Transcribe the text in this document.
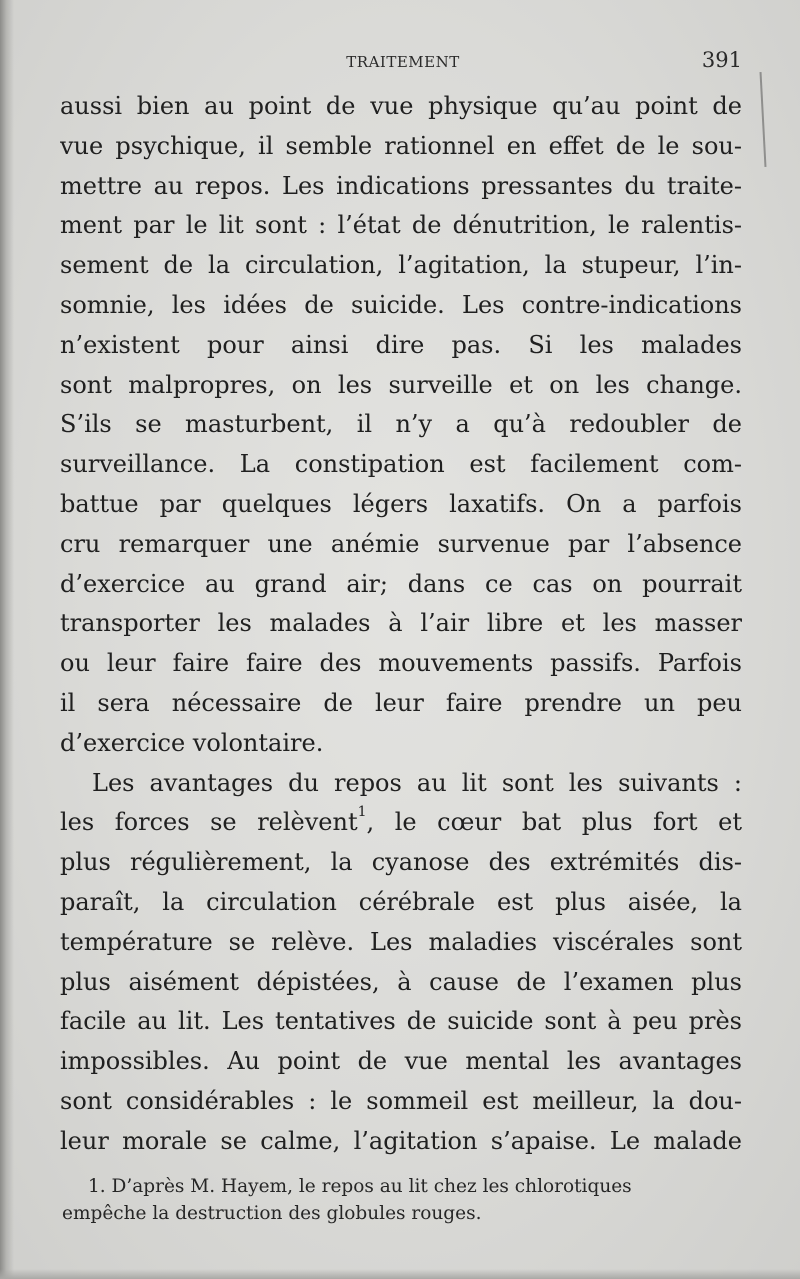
TRAITEMENT	391
aussi bien au point de vue physique qu’au point de
vue psychique, il semble rationnel en effet de le sou-
mettre au repos. Les indications pressantes du traite-
ment par le lit sont : l’état de dénutrition, le ralentis-
sement de la circulation, l’agitation, la stupeur, l’in-
somnie, les idées de suicide. Les contre-indications
n’existent pour ainsi dire pas. Si les malades
sont malpropres, on les surveille et on les change.
S’ils se masturbent, il n’y a qu’à redoubler de
surveillance. La constipation est facilement com-
battue par quelques légers laxatifs. On a parfois
cru remarquer une anémie survenue par l’absence
d’exercice au grand air; dans ce cas on pourrait
transporter les malades à l’air libre et les masser
ou leur faire faire des mouvements passifs. Parfois
il sera nécessaire de leur faire prendre un peu
d’exercice volontaire.
Les avantages du repos au lit sont les suivants :
les forces se relèvent$^1$, le cœur bat plus fort et
plus régulièrement, la cyanose des extrémités dis-
paraît, la circulation cérébrale est plus aisée, la
température se relève. Les maladies viscérales sont
plus aisément dépistées, à cause de l’examen plus
facile au lit. Les tentatives de suicide sont à peu près
impossibles. Au point de vue mental les avantages
sont considérables : le sommeil est meilleur, la dou-
leur morale se calme, l’agitation s’apaise. Le malade
1. D’après M. Hayem, le repos au lit chez les chlorotiques
empêche la destruction des globules rouges.
